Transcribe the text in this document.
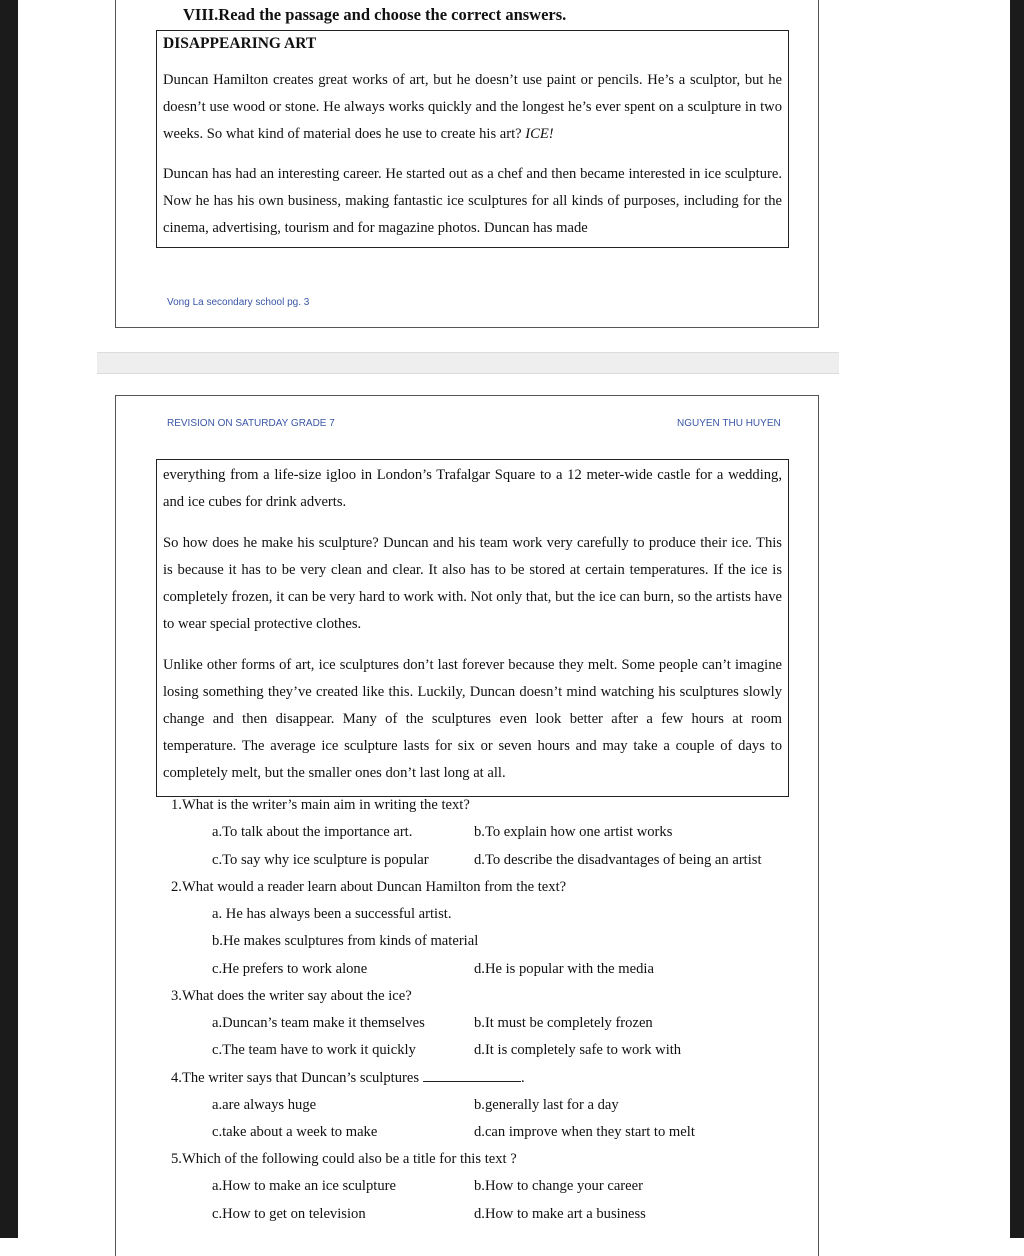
VIII.Read the passage and choose the correct answers.
DISAPPEARING ART

Duncan Hamilton creates great works of art, but he doesn’t use paint or pencils. He’s a sculptor, but he doesn’t use wood or stone. He always works quickly and the longest he’s ever spent on a sculpture in two weeks. So what kind of material does he use to create his art? ICE!

Duncan has had an interesting career. He started out as a chef and then became interested in ice sculpture. Now he has his own business, making fantastic ice sculptures for all kinds of purposes, including for the cinema, advertising, tourism and for magazine photos. Duncan has made

Vong La secondary school pg. 3
REVISION ON SATURDAY GRADE 7	NGUYEN THU HUYEN

everything from a life-size igloo in London’s Trafalgar Square to a 12 meter-wide castle for a wedding, and ice cubes for drink adverts.

So how does he make his sculpture? Duncan and his team work very carefully to produce their ice. This is because it has to be very clean and clear. It also has to be stored at certain temperatures. If the ice is completely frozen, it can be very hard to work with. Not only that, but the ice can burn, so the artists have to wear special protective clothes.

Unlike other forms of art, ice sculptures don’t last forever because they melt. Some people can’t imagine losing something they’ve created like this. Luckily, Duncan doesn’t mind watching his sculptures slowly change and then disappear. Many of the sculptures even look better after a few hours at room temperature. The average ice sculpture lasts for six or seven hours and may take a couple of days to completely melt, but the smaller ones don’t last long at all.

1.What is the writer’s main aim in writing the text?
a.To talk about the importance art.	b.To explain how one artist works
c.To say why ice sculpture is popular	d.To describe the disadvantages of being an artist
2.What would a reader learn about Duncan Hamilton from the text?
a. He has always been a successful artist.
b.He makes sculptures from kinds of material
c.He prefers to work alone	d.He is popular with the media
3.What does the writer say about the ice?
a.Duncan’s team make it themselves	b.It must be completely frozen
c.The team have to work it quickly	d.It is completely safe to work with
4.The writer says that Duncan’s sculptures	.
a.are always huge	b.generally last for a day
c.take about a week to make	d.can improve when they start to melt
5.Which of the following could also be a title for this text ?
a.How to make an ice sculpture	b.How to change your career
c.How to get on television	d.How to make art a business
